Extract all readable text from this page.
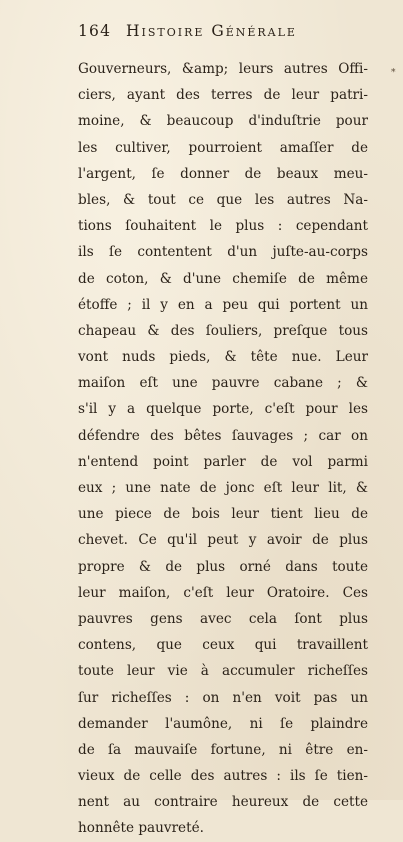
164 Histoire Générale
*
Gouverneurs, &amp; leurs autres Offi-
ciers, ayant des terres de leur patri-
moine, & beaucoup d'induſtrie pour
les cultiver, pourroient amaſſer de
l'argent, ſe donner de beaux meu-
bles, & tout ce que les autres Na-
tions ſouhaitent le plus : cependant
ils ſe contentent d'un juſte-au-corps
de coton, & d'une chemiſe de même
étoffe ; il y en a peu qui portent un
chapeau & des ſouliers, preſque tous
vont nuds pieds, & tête nue. Leur
maiſon eſt une pauvre cabane ; &
s'il y a quelque porte, c'eſt pour les
défendre des bêtes ſauvages ; car on
n'entend point parler de vol parmi
eux ; une nate de jonc eſt leur lit, &
une piece de bois leur tient lieu de
chevet. Ce qu'il peut y avoir de plus
propre & de plus orné dans toute
leur maiſon, c'eſt leur Oratoire. Ces
pauvres gens avec cela ſont plus
contens, que ceux qui travaillent
toute leur vie à accumuler richeſſes
ſur richeſſes : on n'en voit pas un
demander l'aumône, ni ſe plaindre
de ſa mauvaiſe fortune, ni être en-
vieux de celle des autres : ils ſe tien-
nent au contraire heureux de cette
honnête pauvreté.
